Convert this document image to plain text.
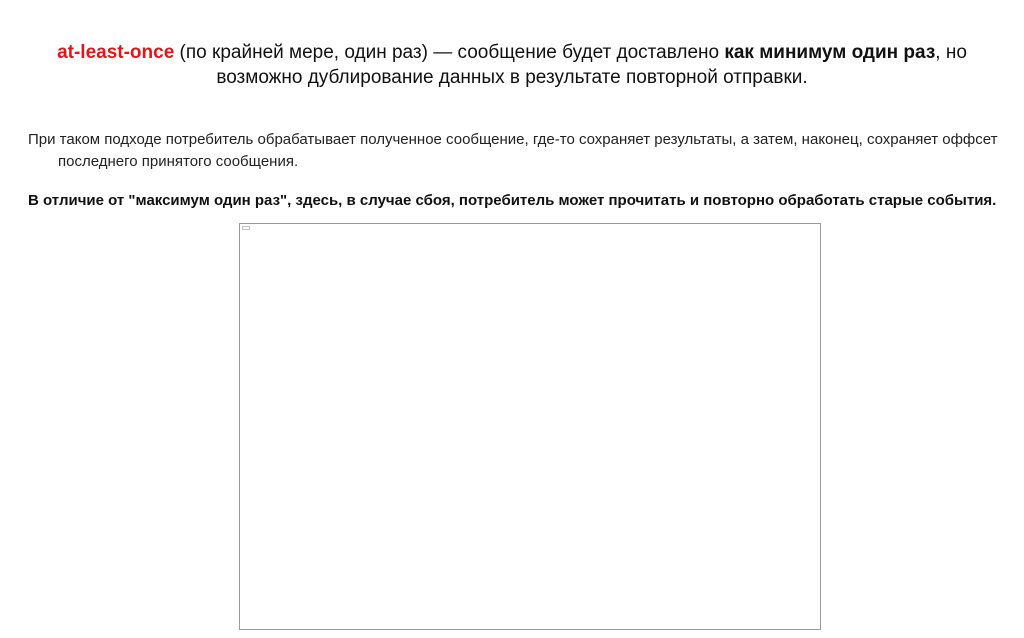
at-least-once (по крайней мере, один раз) — сообщение будет доставлено как минимум один раз, но возможно дублирование данных в результате повторной отправки.
При таком подходе потребитель обрабатывает полученное сообщение, где-то сохраняет результаты, а затем, наконец, сохраняет оффсет последнего принятого сообщения.
В отличие от "максимум один раз", здесь, в случае сбоя, потребитель может прочитать и повторно обработать старые события.
